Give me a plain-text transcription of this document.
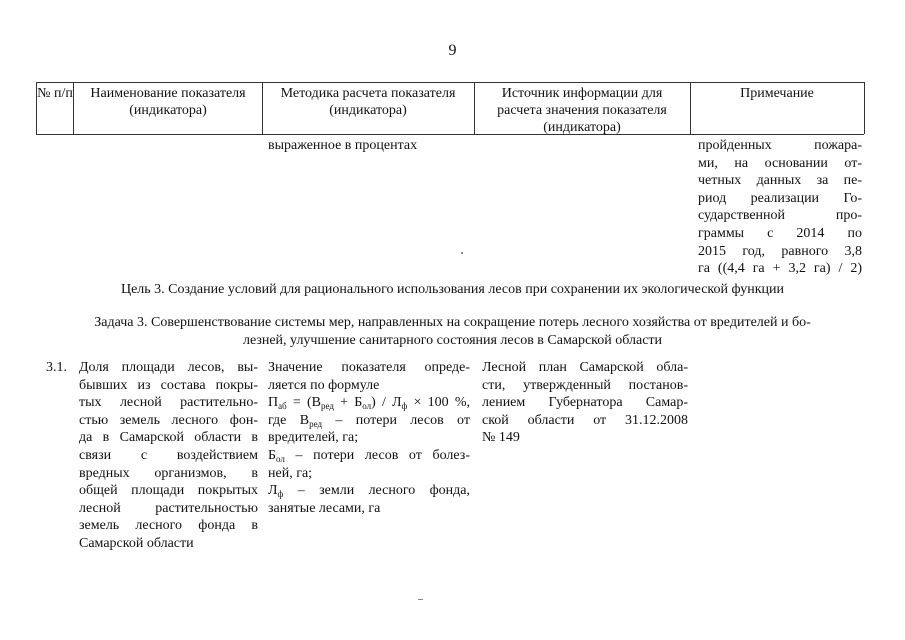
9
№ п/п	Наименование показателя (индикатора)
Методика расчета показателя (индикатора)
Источник информации для расчета значения показателя (индикатора)
Примечание
выраженное в процентах	пройденных пожара-
ми, на основании от-
четных данных за пе-
риод реализации Го-
сударственной про-
граммы с 2014 по
2015 год, равного 3,8
га ((4,4 га + 3,2 га) / 2)
Цель 3. Создание условий для рационального использования лесов при сохранении их экологической функции
Задача 3. Совершенствование системы мер, направленных на сокращение потерь лесного хозяйства от вредителей и бо-
лезней, улучшение санитарного состояния лесов в Самарской области
3.1. Доля площади лесов, вы-
бывших из состава покры-
тых лесной растительно-
стью земель лесного фон-
да в Самарской области в
связи с воздействием
вредных организмов, в
общей площади покрытых
лесной растительностью
земель лесного фонда в
Самарской области
Значение показателя опреде-
ляется по формуле
$П_{аб} = (В_{ред} + Б_{ол}) / Л_ф \times 100$ %,
где $В_{ред}$ – потери лесов от
вредителей, га;
$Б_{ол}$ – потери лесов от болез-
ней, га;
$Л_ф$ – земли лесного фонда,
занятые лесами, га
Лесной план Самарской обла-
сти, утвержденный постанов-
лением Губернатора Самар-
ской области от 31.12.2008
№ 149
